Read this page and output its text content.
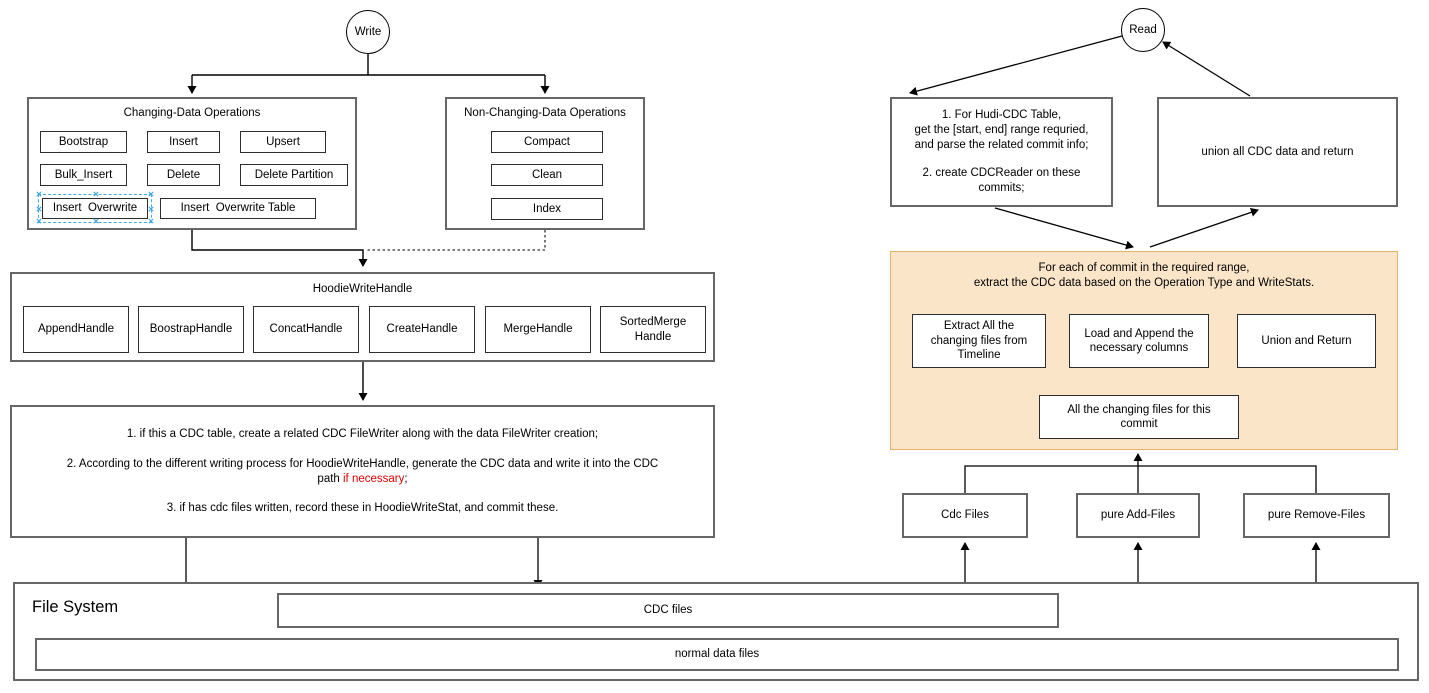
Write
Changing-Data Operations
Bootstrap	Insert	Upsert
Bulk_Insert	Delete	Delete Partition
Insert  Overwrite
✕	✕	✕
✕	✕
✕	✕	✕
Insert  Overwrite Table
Non-Changing-Data Operations
Compact
Clean
Index
HoodieWriteHandle
AppendHandle	BoostrapHandle	ConcatHandle	CreateHandle	MergeHandle
SortedMerge Handle
1. if this a CDC table, create a related CDC FileWriter along with the data FileWriter creation;
2. According to the different writing process for HoodieWriteHandle, generate the CDC data and write it into the CDC
path if necessary;
3. if has cdc files written, record these in HoodieWriteStat, and commit these.
Read
1. For Hudi-CDC Table,
get the [start, end] range requried,
and parse the related commit info;
2. create CDCReader on these
commits;
union all CDC data and return
For each of commit in the required range,
extract the CDC data based on the Operation Type and WriteStats.
Extract All the changing files from Timeline
Load and Append the necessary columns
Union and Return
All the changing files for this commit
Cdc Files	pure Add-Files	pure Remove-Files
File System	CDC files
normal data files
